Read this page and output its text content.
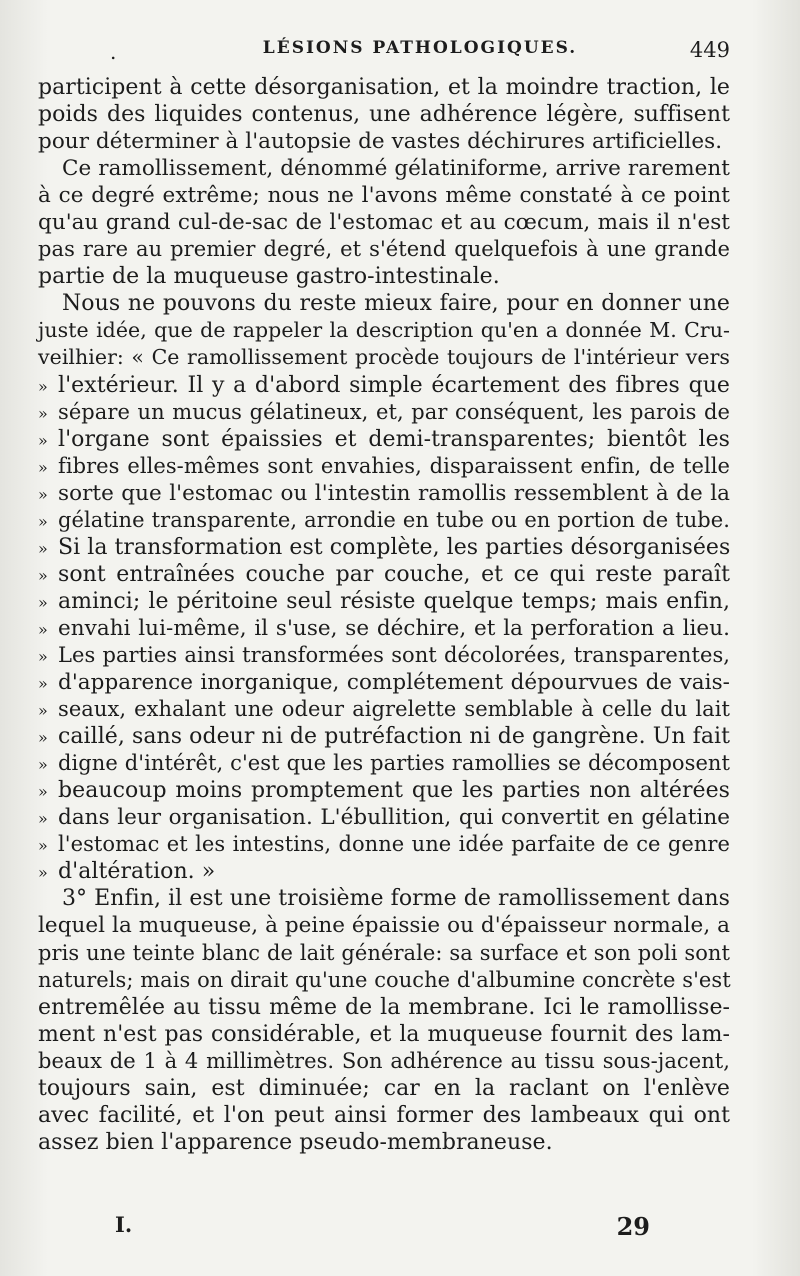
.	LÉSIONS PATHOLOGIQUES.	449
participent à cette désorganisation, et la moindre traction, le
poids des liquides contenus, une adhérence légère, suffisent
pour déterminer à l'autopsie de vastes déchirures artificielles.
Ce ramollissement, dénommé gélatiniforme, arrive rarement
à ce degré extrême; nous ne l'avons même constaté à ce point
qu'au grand cul-de-sac de l'estomac et au cœcum, mais il n'est
pas rare au premier degré, et s'étend quelquefois à une grande
partie de la muqueuse gastro-intestinale.
Nous ne pouvons du reste mieux faire, pour en donner une
juste idée, que de rappeler la description qu'en a donnée M. Cru-
veilhier: « Ce ramollissement procède toujours de l'intérieur vers
» l'extérieur. Il y a d'abord simple écartement des fibres que
» sépare un mucus gélatineux, et, par conséquent, les parois de
» l'organe sont épaissies et demi-transparentes; bientôt les
» fibres elles-mêmes sont envahies, disparaissent enfin, de telle
» sorte que l'estomac ou l'intestin ramollis ressemblent à de la
» gélatine transparente, arrondie en tube ou en portion de tube.
» Si la transformation est complète, les parties désorganisées
» sont entraînées couche par couche, et ce qui reste paraît
» aminci; le péritoine seul résiste quelque temps; mais enfin,
» envahi lui-même, il s'use, se déchire, et la perforation a lieu.
» Les parties ainsi transformées sont décolorées, transparentes,
» d'apparence inorganique, complétement dépourvues de vais-
» seaux, exhalant une odeur aigrelette semblable à celle du lait
» caillé, sans odeur ni de putréfaction ni de gangrène. Un fait
» digne d'intérêt, c'est que les parties ramollies se décomposent
» beaucoup moins promptement que les parties non altérées
» dans leur organisation. L'ébullition, qui convertit en gélatine
» l'estomac et les intestins, donne une idée parfaite de ce genre
» d'altération. »
3° Enfin, il est une troisième forme de ramollissement dans
lequel la muqueuse, à peine épaissie ou d'épaisseur normale, a
pris une teinte blanc de lait générale: sa surface et son poli sont
naturels; mais on dirait qu'une couche d'albumine concrète s'est
entremêlée au tissu même de la membrane. Ici le ramollisse-
ment n'est pas considérable, et la muqueuse fournit des lam-
beaux de 1 à 4 millimètres. Son adhérence au tissu sous-jacent,
toujours sain, est diminuée; car en la raclant on l'enlève
avec facilité, et l'on peut ainsi former des lambeaux qui ont
assez bien l'apparence pseudo-membraneuse.
I.	29
